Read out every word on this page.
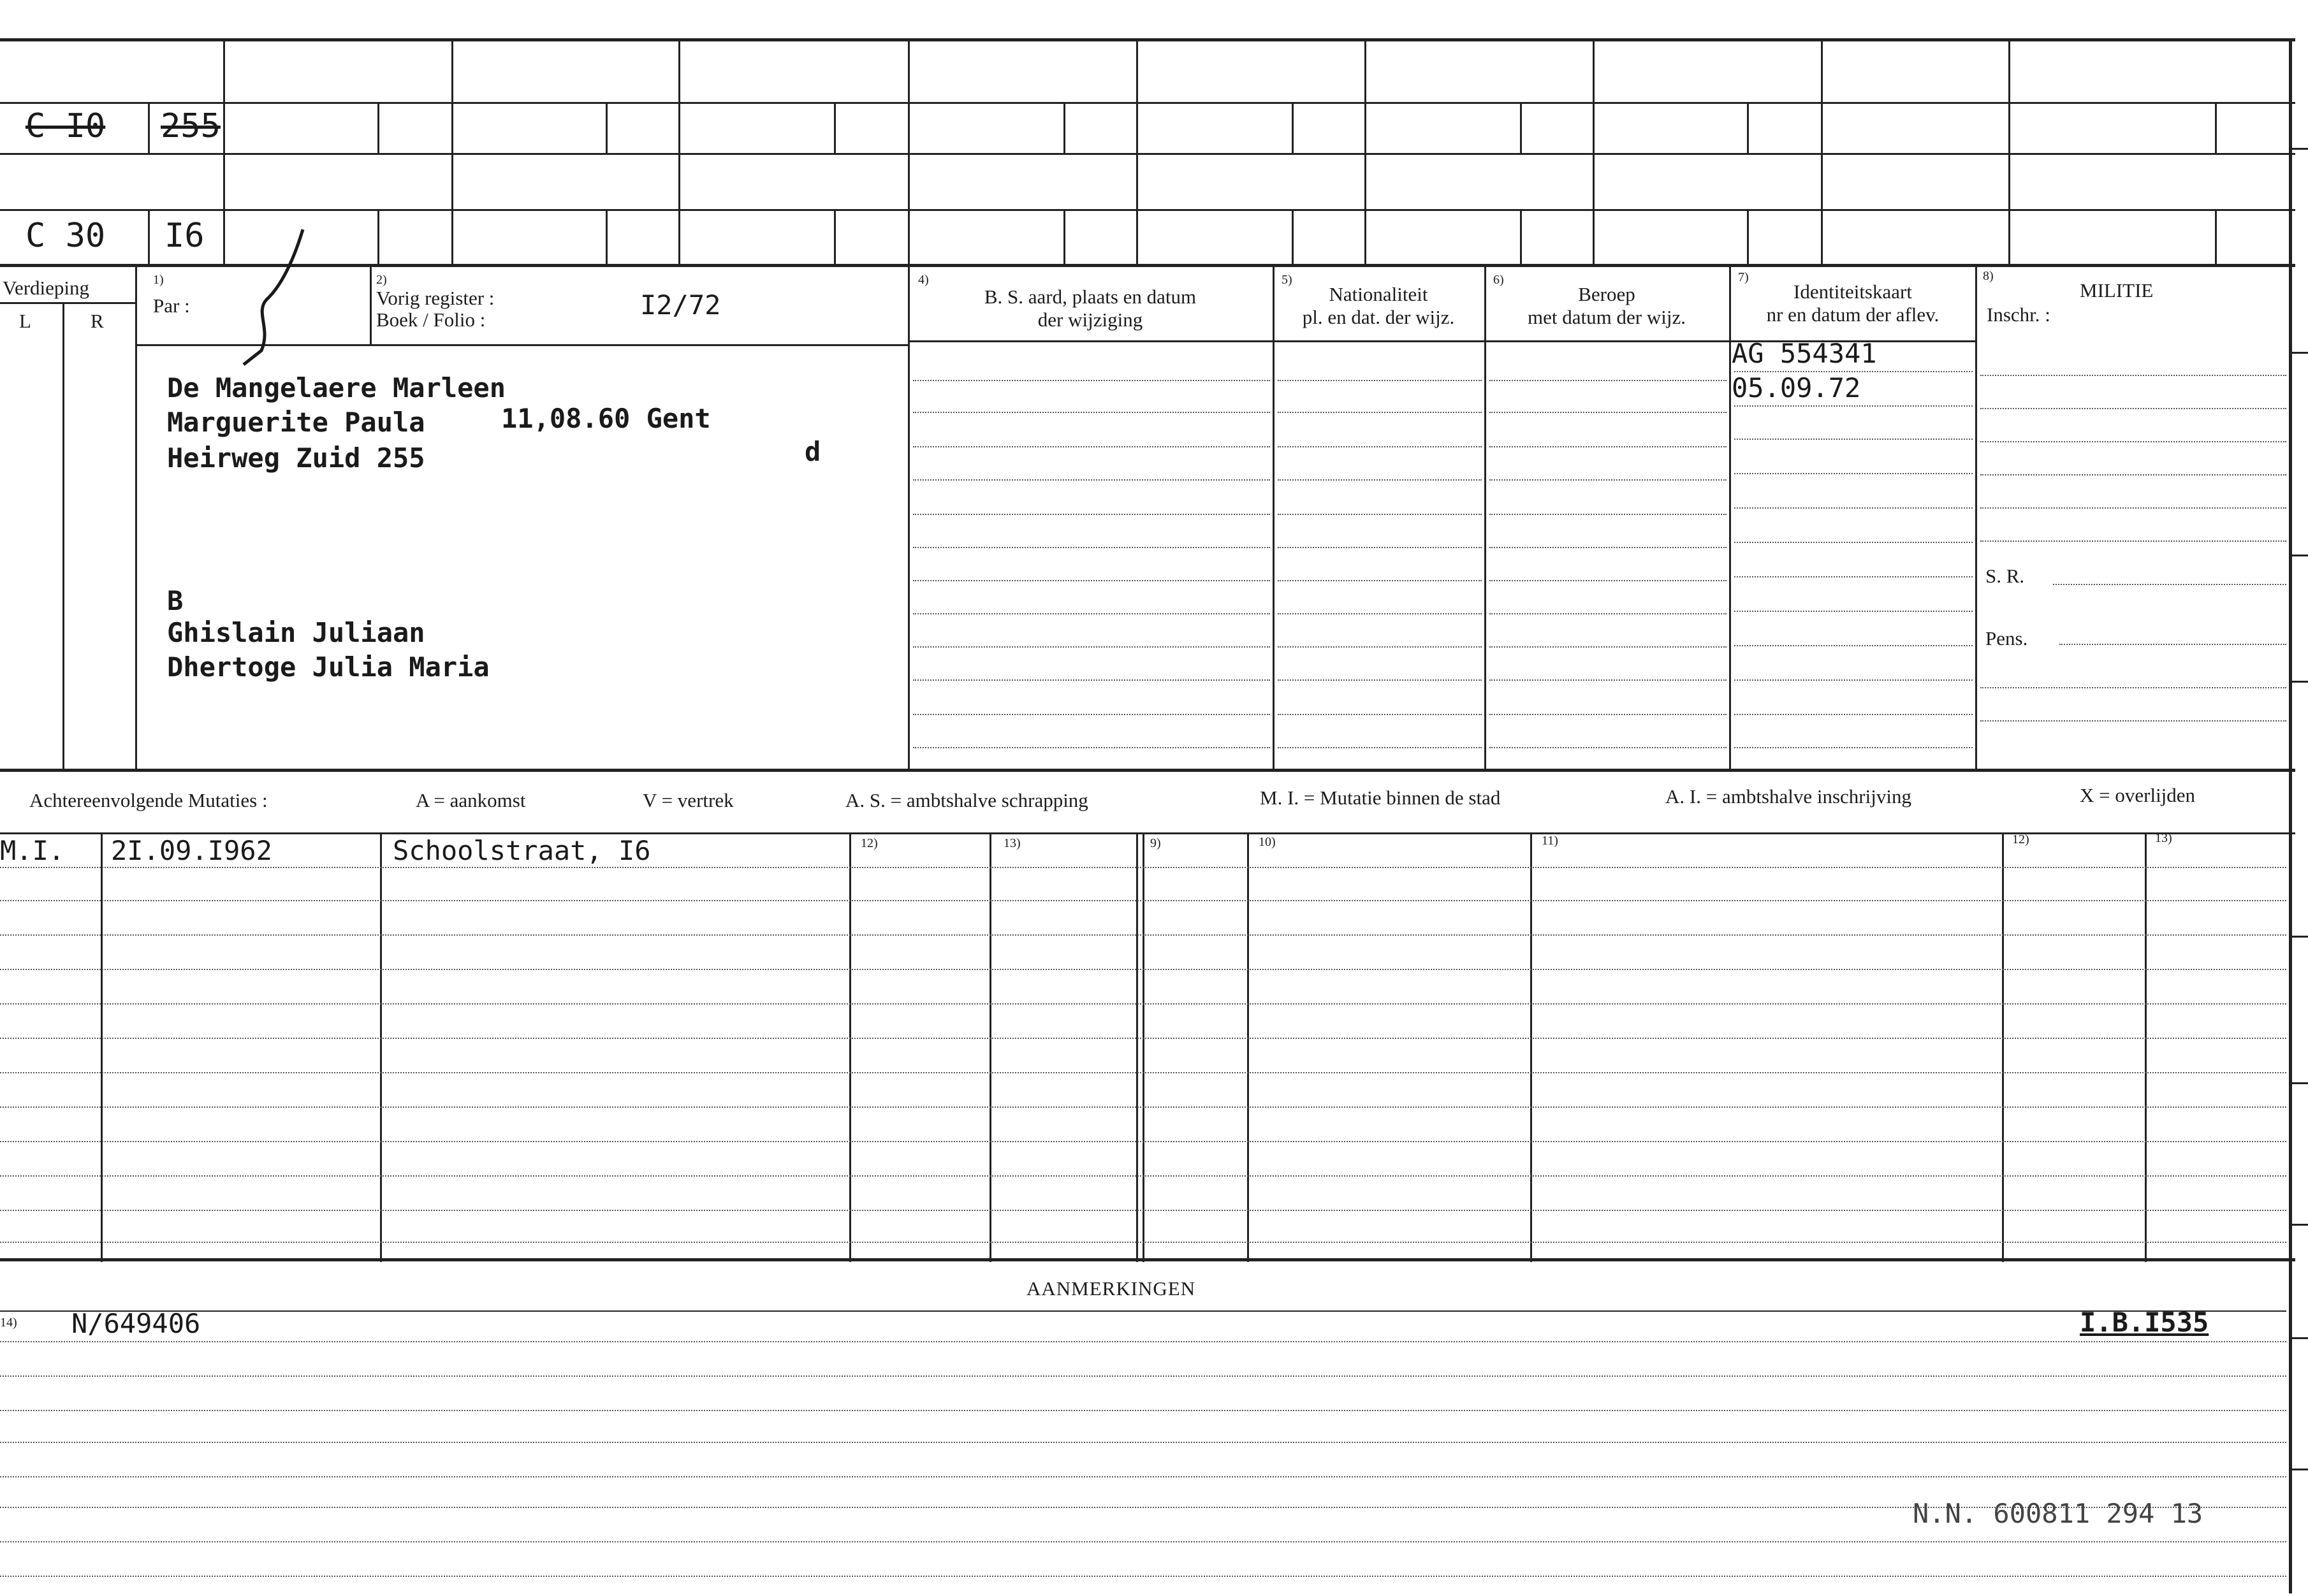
C I0 255
C 30 I6
Verdieping
L	R
1)
Par :
2)
Vorig register :
Boek / Folio :	I2/72
4)
B. S. aard, plaats en datum
der wijziging
5)
Nationaliteit
pl. en dat. der wijz.
6)
Beroep
met datum der wijz.
7)
Identiteitskaart
nr en datum der aflev.
8)
MILITIE
Inschr. :
De Mangelaere Marleen
Marguerite Paula	11,08.60 Gent
Heirweg Zuid 255	d
B
Ghislain Juliaan
Dhertoge Julia Maria
S. R.
Pens.
AG 554341
05.09.72
Achtereenvolgende Mutaties :	A = aankomst	V = vertrek	A. S. = ambtshalve schrapping	M. I. = Mutatie binnen de stad	A. I. = ambtshalve inschrijving	X = overlijden
12)	13)	9)	10)	11)	12)	13)
M.I. 2I.09.I962	Schoolstraat, I6
AANMERKINGEN
14) N/649406	I.B.I535
N.N. 600811 294 13
